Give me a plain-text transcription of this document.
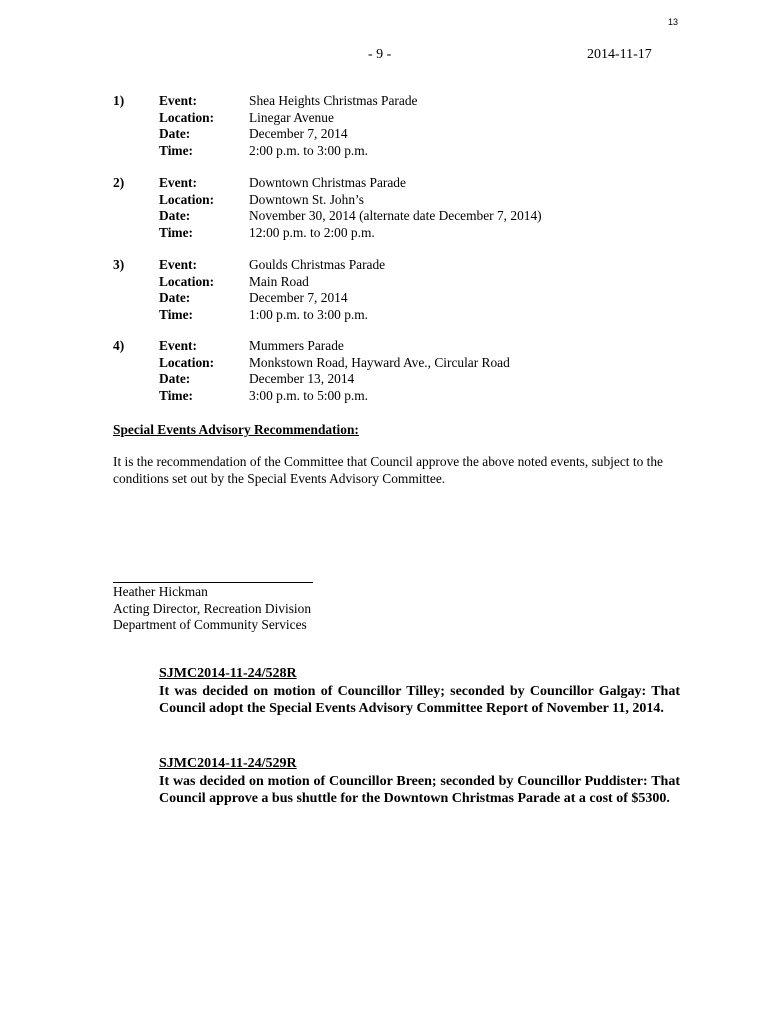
13
- 9 -	2014-11-17
1)	Event:	Shea Heights Christmas Parade
Location:	Linegar Avenue
Date:	December 7, 2014
Time:	2:00 p.m. to 3:00 p.m.
2)	Event:	Downtown Christmas Parade
Location:	Downtown St. John’s
Date:	November 30, 2014 (alternate date December 7, 2014)
Time:	12:00 p.m. to 2:00 p.m.
3)	Event:	Goulds Christmas Parade
Location:	Main Road
Date:	December 7, 2014
Time:	1:00 p.m. to 3:00 p.m.
4)	Event:	Mummers Parade
Location:	Monkstown Road, Hayward Ave., Circular Road
Date:	December 13, 2014
Time:	3:00 p.m. to 5:00 p.m.
Special Events Advisory Recommendation:
It is the recommendation of the Committee that Council approve the above noted events, subject to the conditions set out by the Special Events Advisory Committee.
Heather Hickman
Acting Director, Recreation Division
Department of Community Services
SJMC2014-11-24/528R
It was decided on motion of Councillor Tilley; seconded by Councillor Galgay: That Council adopt the Special Events Advisory Committee Report of November 11, 2014.
SJMC2014-11-24/529R
It was decided on motion of Councillor Breen; seconded by Councillor Puddister: That Council approve a bus shuttle for the Downtown Christmas Parade at a cost of $5300.
